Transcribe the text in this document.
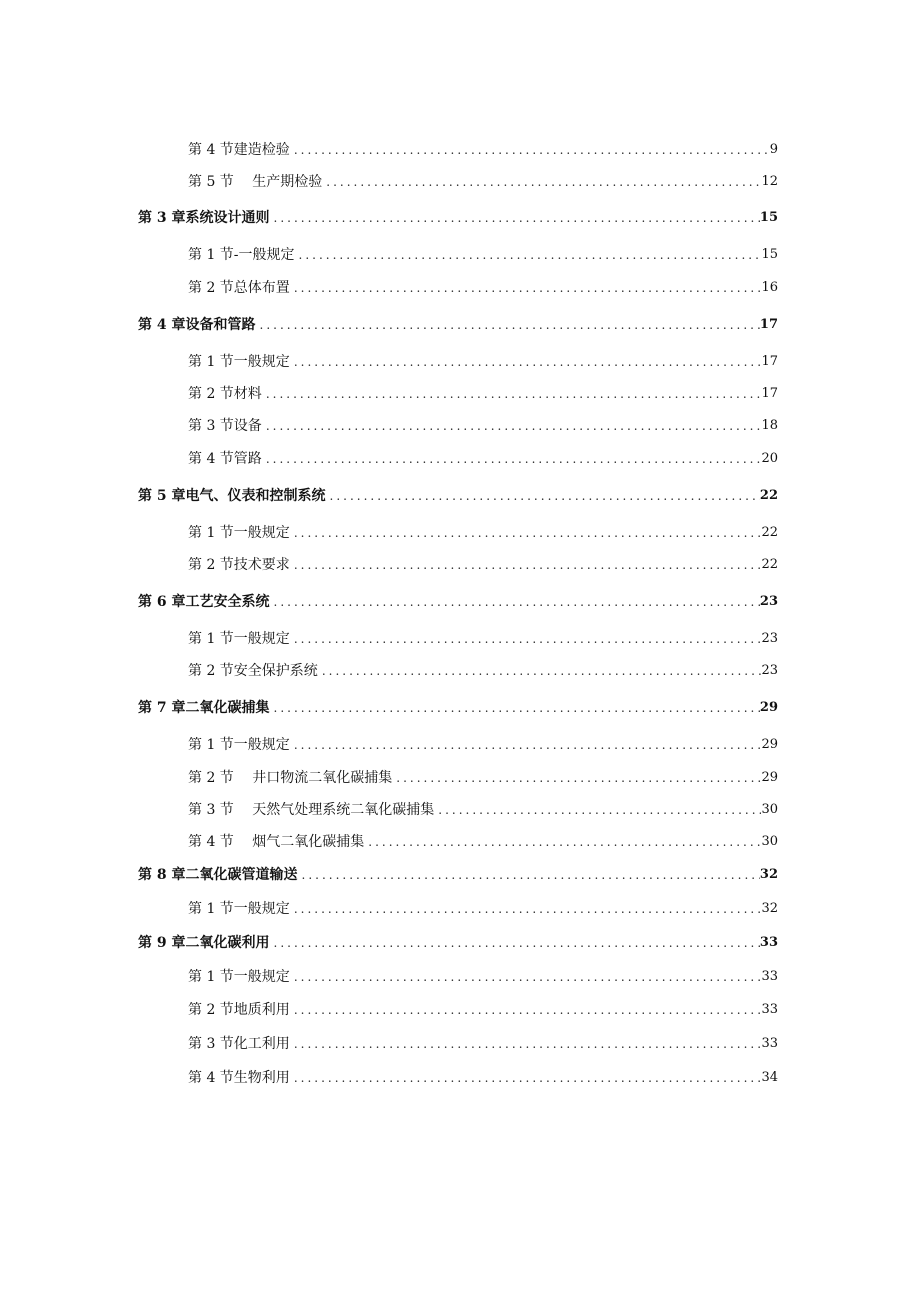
第 4 节建造检验 .....	9
第 5 节　 生产期检验 .....	12
第 3 章系统设计通则 .....	15
第 1 节-一般规定 .....	15
第 2 节总体布置 .....	16
第 4 章设备和管路 .....	17
第 1 节一般规定 .....	17
第 2 节材料 .....	17
第 3 节设备 .....	18
第 4 节管路 .....	20
第 5 章电气、仪表和控制系统 .....	22
第 1 节一般规定 .....	22
第 2 节技术要求 .....	22
第 6 章工艺安全系统 .....	23
第 1 节一般规定 .....	23
第 2 节安全保护系统 .....	23
第 7 章二氧化碳捕集 .....	29
第 1 节一般规定 .....	29
第 2 节　 井口物流二氧化碳捕集 .....	29
第 3 节　 天然气处理系统二氧化碳捕集 .....	30
第 4 节　 烟气二氧化碳捕集 .....	30
第 8 章二氧化碳管道输送 .....	32
第 1 节一般规定 .....	32
第 9 章二氧化碳利用 .....	33
第 1 节一般规定 .....	33
第 2 节地质利用 .....	33
第 3 节化工利用 .....	33
第 4 节生物利用 .....	34
